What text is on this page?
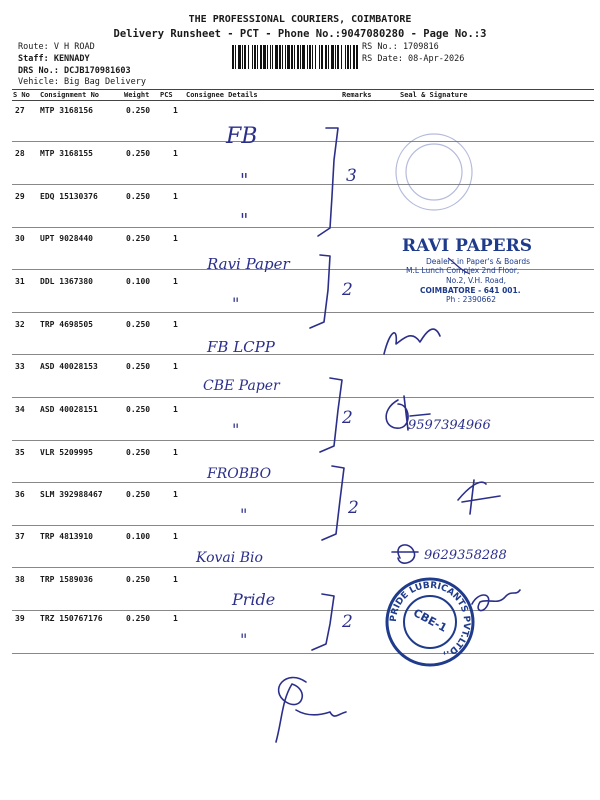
THE PROFESSIONAL COURIERS, COIMBATORE
Delivery Runsheet - PCT - Phone No.:9047080280 - Page No.:3
Route: V H ROAD
Staff: KENNADY
DRS No.: DCJB170981603
Vehicle: Big Bag Delivery
RS No.: 1709816
RS Date: 08-Apr-2026
S No Consignment No	Weight PCS Consignee Details	Remarks	Seal & Signature
27 MTP 3168156	0.250	1
28 MTP 3168155	0.250	1
29 EDQ 15130376	0.250	1
30 UPT 9028440	0.250	1
31 DDL 1367380	0.100	1
32 TRP 4698505	0.250	1
33 ASD 40028153	0.250	1
34 ASD 40028151	0.250	1
35 VLR 5209995	0.250	1
36 SLM 392988467	0.250	1
37 TRP 4813910	0.100	1
38 TRP 1589036	0.250	1
39 TRZ 150767176	0.250	1
FB
"
"
3
Ravi Paper
"
2
FB LCPP
CBE Paper
"
2
FROBBO
"	2
Kovai Bio
Pride
"
2
9597394966
9629358288
RAVI PAPERS
Dealers in Paper's & Boards
M.L Lunch Complex 2nd Floor,
No.2, V.H. Road,
COIMBATORE - 641 001.
Ph : 2390662
PRIDE LUBRICANTS PVT.LTD.,
CBE-1
